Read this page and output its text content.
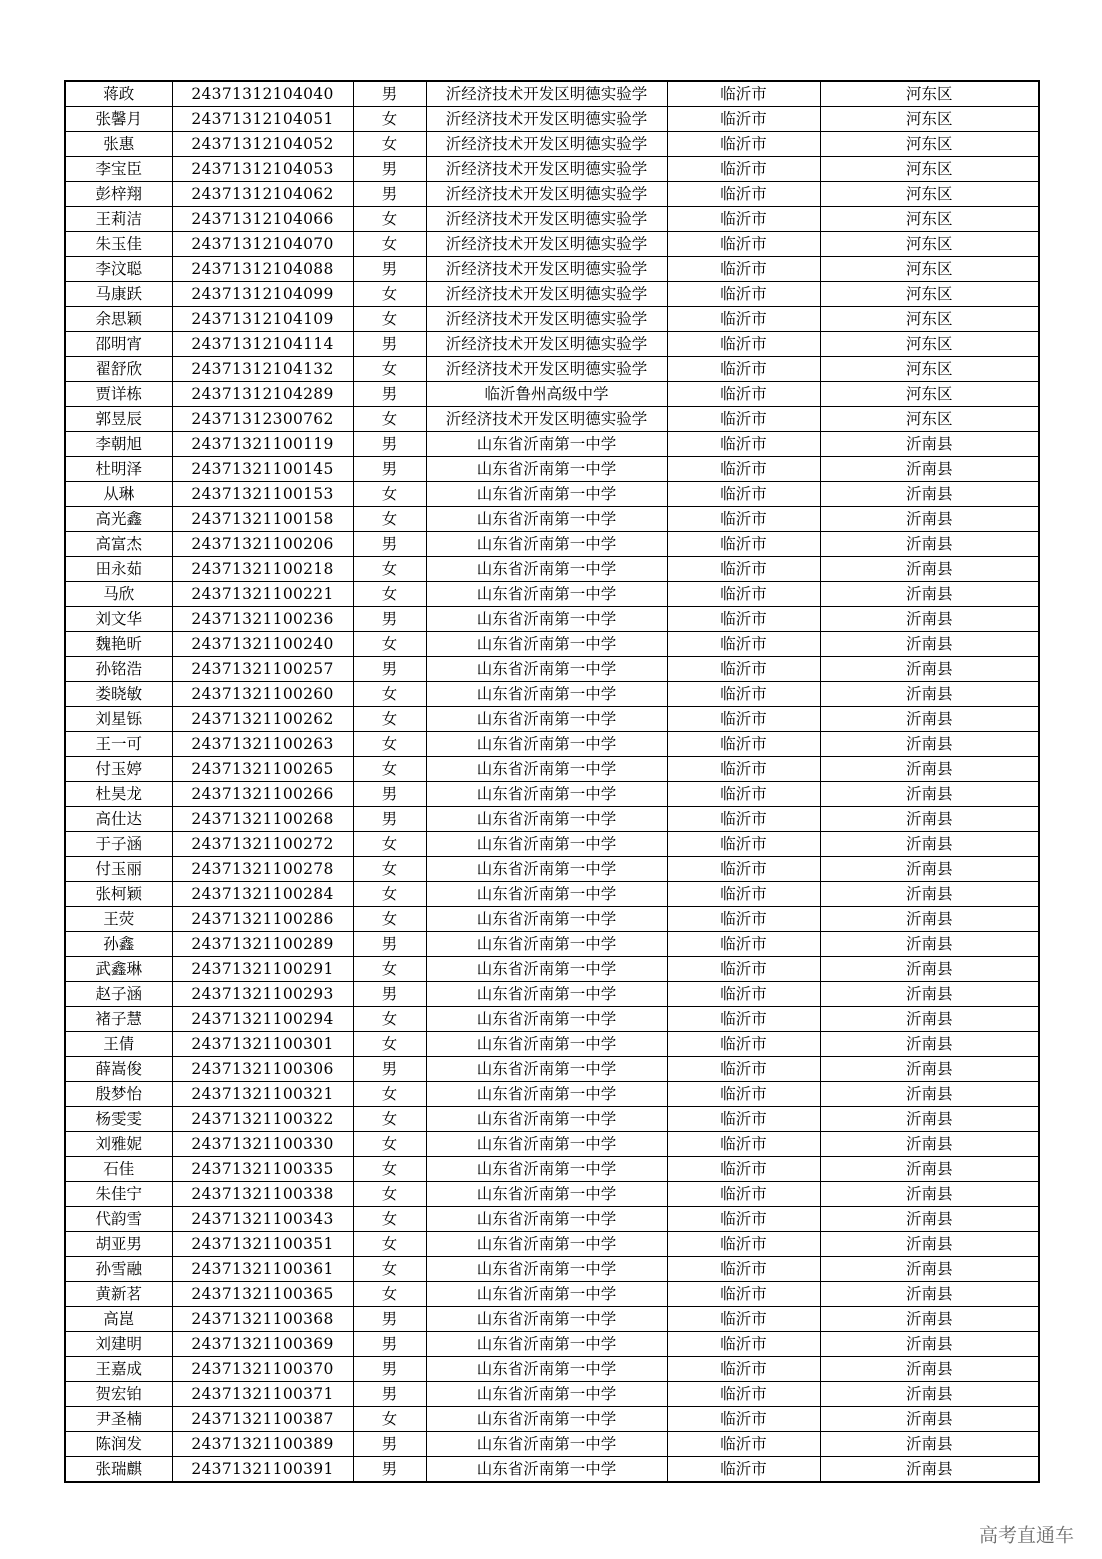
蒋政	24371312104040	男	沂经济技术开发区明德实验学	临沂市	河东区
张馨月	24371312104051	女	沂经济技术开发区明德实验学	临沂市	河东区
张惠	24371312104052	女	沂经济技术开发区明德实验学	临沂市	河东区
李宝臣	24371312104053	男	沂经济技术开发区明德实验学	临沂市	河东区
彭梓翔	24371312104062	男	沂经济技术开发区明德实验学	临沂市	河东区
王莉洁	24371312104066	女	沂经济技术开发区明德实验学	临沂市	河东区
朱玉佳	24371312104070	女	沂经济技术开发区明德实验学	临沂市	河东区
李汶聪	24371312104088	男	沂经济技术开发区明德实验学	临沂市	河东区
马康跃	24371312104099	女	沂经济技术开发区明德实验学	临沂市	河东区
余思颖	24371312104109	女	沂经济技术开发区明德实验学	临沂市	河东区
邵明宵	24371312104114	男	沂经济技术开发区明德实验学	临沂市	河东区
翟舒欣	24371312104132	女	沂经济技术开发区明德实验学	临沂市	河东区
贾详栋	24371312104289	男	临沂鲁州高级中学	临沂市	河东区
郭昱辰	24371312300762	女	沂经济技术开发区明德实验学	临沂市	河东区
李朝旭	24371321100119	男	山东省沂南第一中学	临沂市	沂南县
杜明泽	24371321100145	男	山东省沂南第一中学	临沂市	沂南县
从琳	24371321100153	女	山东省沂南第一中学	临沂市	沂南县
高光鑫	24371321100158	女	山东省沂南第一中学	临沂市	沂南县
高富杰	24371321100206	男	山东省沂南第一中学	临沂市	沂南县
田永茹	24371321100218	女	山东省沂南第一中学	临沂市	沂南县
马欣	24371321100221	女	山东省沂南第一中学	临沂市	沂南县
刘文华	24371321100236	男	山东省沂南第一中学	临沂市	沂南县
魏艳昕	24371321100240	女	山东省沂南第一中学	临沂市	沂南县
孙铭浩	24371321100257	男	山东省沂南第一中学	临沂市	沂南县
娄晓敏	24371321100260	女	山东省沂南第一中学	临沂市	沂南县
刘星铄	24371321100262	女	山东省沂南第一中学	临沂市	沂南县
王一可	24371321100263	女	山东省沂南第一中学	临沂市	沂南县
付玉婷	24371321100265	女	山东省沂南第一中学	临沂市	沂南县
杜昊龙	24371321100266	男	山东省沂南第一中学	临沂市	沂南县
高仕达	24371321100268	男	山东省沂南第一中学	临沂市	沂南县
于子涵	24371321100272	女	山东省沂南第一中学	临沂市	沂南县
付玉丽	24371321100278	女	山东省沂南第一中学	临沂市	沂南县
张柯颖	24371321100284	女	山东省沂南第一中学	临沂市	沂南县
王荧	24371321100286	女	山东省沂南第一中学	临沂市	沂南县
孙鑫	24371321100289	男	山东省沂南第一中学	临沂市	沂南县
武鑫琳	24371321100291	女	山东省沂南第一中学	临沂市	沂南县
赵子涵	24371321100293	男	山东省沂南第一中学	临沂市	沂南县
褚子慧	24371321100294	女	山东省沂南第一中学	临沂市	沂南县
王倩	24371321100301	女	山东省沂南第一中学	临沂市	沂南县
薛嵩俊	24371321100306	男	山东省沂南第一中学	临沂市	沂南县
殷梦怡	24371321100321	女	山东省沂南第一中学	临沂市	沂南县
杨雯雯	24371321100322	女	山东省沂南第一中学	临沂市	沂南县
刘雅妮	24371321100330	女	山东省沂南第一中学	临沂市	沂南县
石佳	24371321100335	女	山东省沂南第一中学	临沂市	沂南县
朱佳宁	24371321100338	女	山东省沂南第一中学	临沂市	沂南县
代韵雪	24371321100343	女	山东省沂南第一中学	临沂市	沂南县
胡亚男	24371321100351	女	山东省沂南第一中学	临沂市	沂南县
孙雪融	24371321100361	女	山东省沂南第一中学	临沂市	沂南县
黄新茗	24371321100365	女	山东省沂南第一中学	临沂市	沂南县
高崑	24371321100368	男	山东省沂南第一中学	临沂市	沂南县
刘建明	24371321100369	男	山东省沂南第一中学	临沂市	沂南县
王嘉成	24371321100370	男	山东省沂南第一中学	临沂市	沂南县
贺宏铂	24371321100371	男	山东省沂南第一中学	临沂市	沂南县
尹圣楠	24371321100387	女	山东省沂南第一中学	临沂市	沂南县
陈润发	24371321100389	男	山东省沂南第一中学	临沂市	沂南县
张瑞麒	24371321100391	男	山东省沂南第一中学	临沂市	沂南县
高考直通车
